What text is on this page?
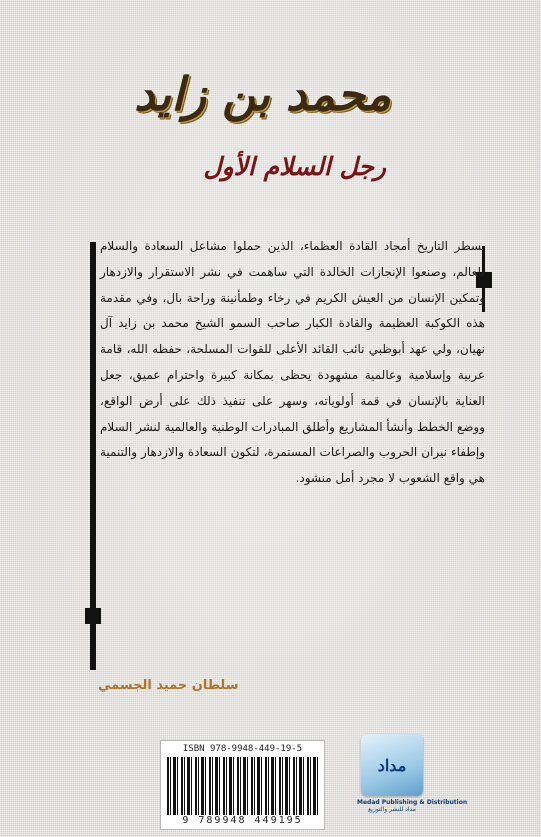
محمد بن زايد
رجل السلام الأول

يسطر التاريخ أمجاد القادة العظماء، الذين حملوا مشاعل السعادة والسلام للعالم، وصنعوا الإنجازات الخالدة التي ساهمت في نشر الاستقرار والازدهار وتمكين الإنسان من العيش الكريم في رخاء وطمأنينة وراحة بال، وفي مقدمة هذه الكوكبة العظيمة والقادة الكبار صاحب السمو الشيخ محمد بن زايد آل نهيان، ولي عهد أبوظبي نائب القائد الأعلى للقوات المسلحة، حفظه الله، قامة عربية وإسلامية وعالمية مشهودة يحظى بمكانة كبيرة واحترام عميق، جعل العناية بالإنسان في قمة أولوياته، وسهر على تنفيذ ذلك على أرض الواقع، ووضع الخطط وأنشأ المشاريع وأطلق المبادرات الوطنية والعالمية لنشر السلام وإطفاء نيران الحروب والصراعات المستمرة، لتكون السعادة والازدهار والتنمية هي واقع الشعوب لا مجرد أمل منشود.

سلطان حميد الجسمي
ISBN 978-9948-449-19-5
9 789948 449195
مداد
Medad Publishing & Distribution
مداد للنشر والتوزيع
